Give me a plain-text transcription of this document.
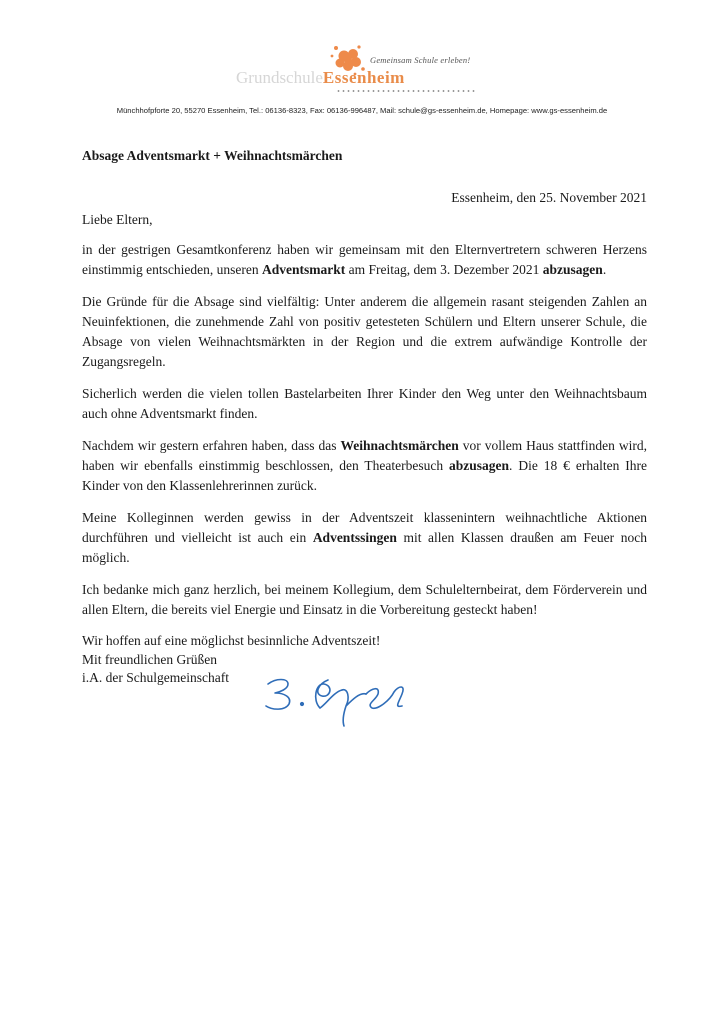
Gemeinsam Schule erleben!
GrundschuleEssenheim
Münchhofpforte 20, 55270 Essenheim, Tel.: 06136-8323, Fax: 06136-996487, Mail: schule@gs-essenheim.de, Homepage: www.gs-essenheim.de

Absage Adventsmarkt + Weihnachtsmärchen

Essenheim, den 25. November 2021

Liebe Eltern,

in der gestrigen Gesamtkonferenz haben wir gemeinsam mit den Elternvertretern schweren Herzens einstimmig entschieden, unseren Adventsmarkt am Freitag, dem 3. Dezember 2021 abzusagen.

Die Gründe für die Absage sind vielfältig: Unter anderem die allgemein rasant steigenden Zahlen an Neuinfektionen, die zunehmende Zahl von positiv getesteten Schülern und Eltern unserer Schule, die Absage von vielen Weihnachtsmärkten in der Region und die extrem aufwändige Kontrolle der Zugangsregeln.

Sicherlich werden die vielen tollen Bastelarbeiten Ihrer Kinder den Weg unter den Weihnachtsbaum auch ohne Adventsmarkt finden.

Nachdem wir gestern erfahren haben, dass das Weihnachtsmärchen vor vollem Haus stattfinden wird, haben wir ebenfalls einstimmig beschlossen, den Theaterbesuch abzusagen. Die 18 € erhalten Ihre Kinder von den Klassenlehrerinnen zurück.

Meine Kolleginnen werden gewiss in der Adventszeit klassenintern weihnachtliche Aktionen durchführen und vielleicht ist auch ein Adventssingen mit allen Klassen draußen am Feuer noch möglich.

Ich bedanke mich ganz herzlich, bei meinem Kollegium, dem Schulelternbeirat, dem Förderverein und allen Eltern, die bereits viel Energie und Einsatz in die Vorbereitung gesteckt haben!

Wir hoffen auf eine möglichst besinnliche Adventszeit!
Mit freundlichen Grüßen
i.A. der Schulgemeinschaft
